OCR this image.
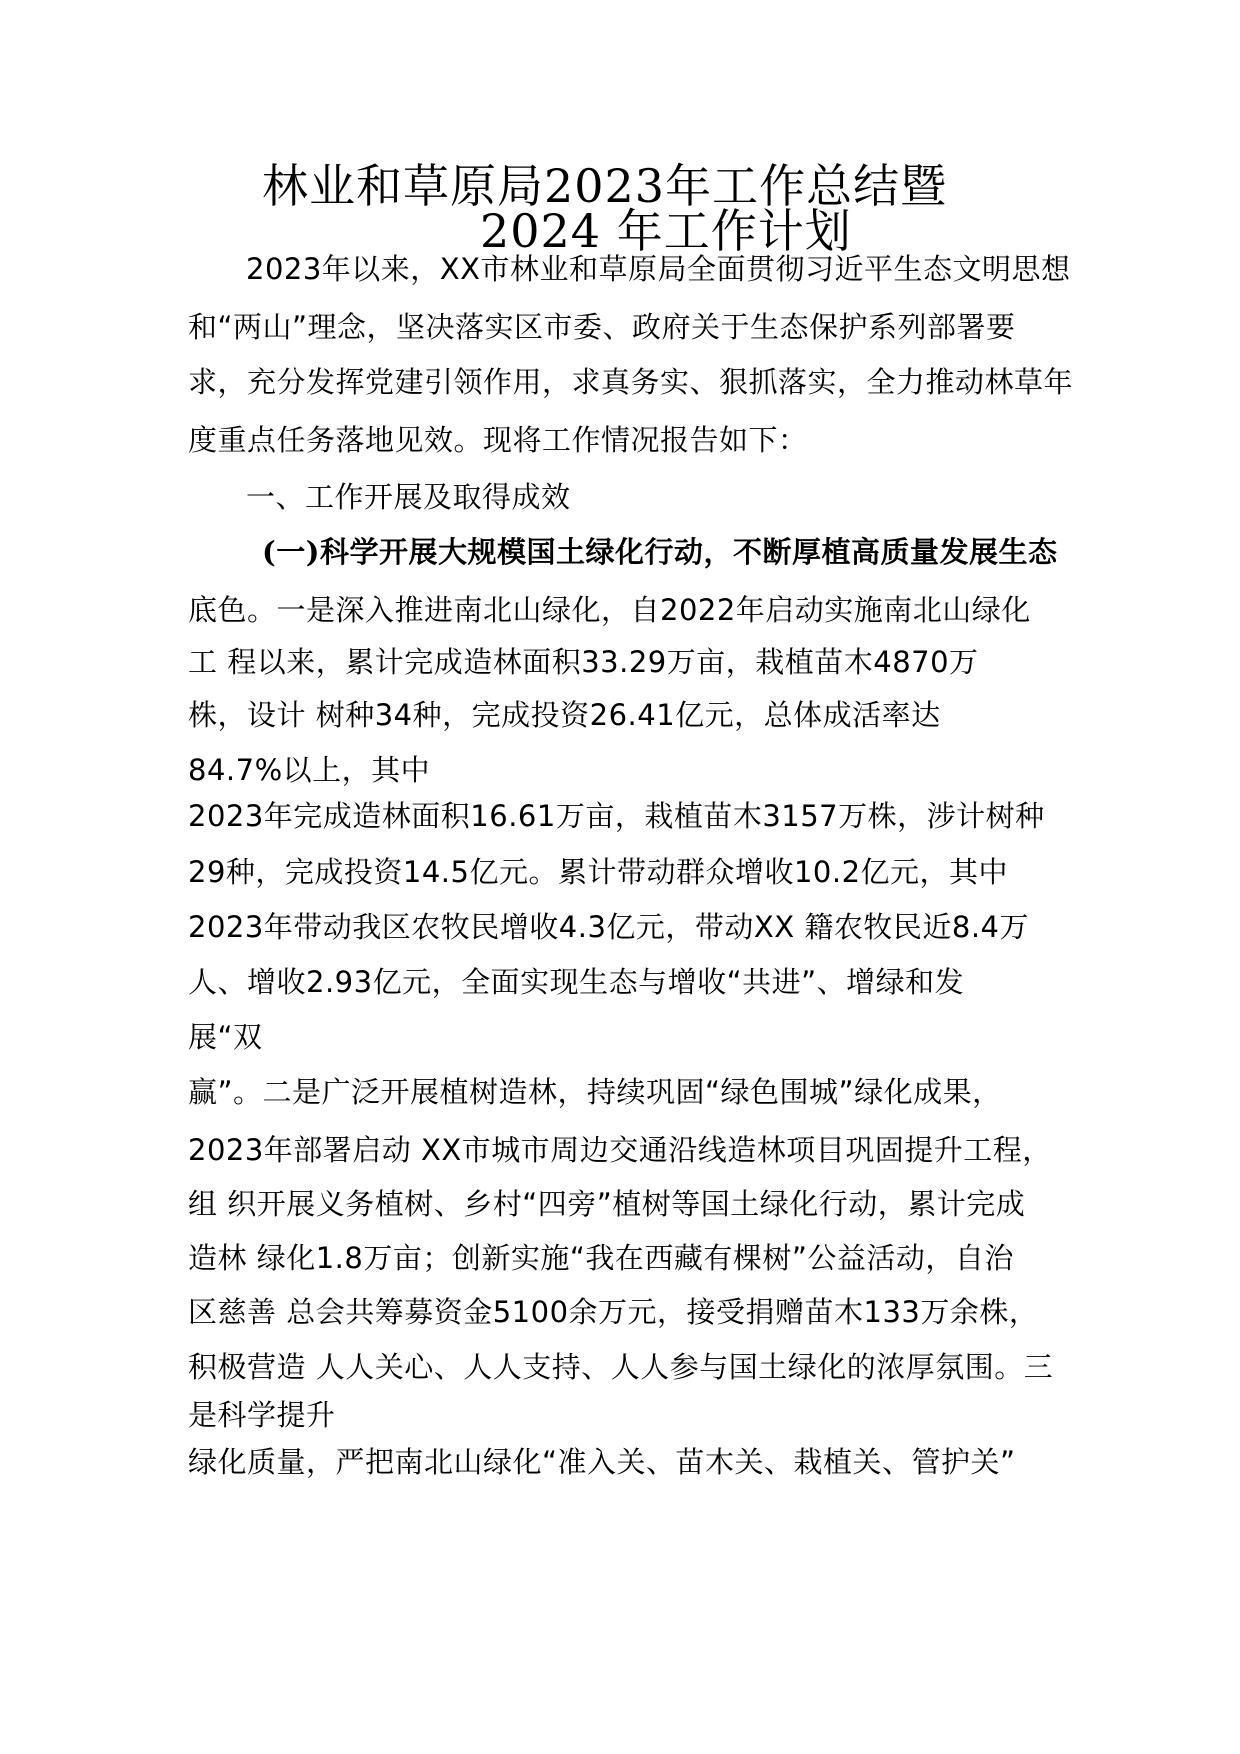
林业和草原局2023年工作总结暨
2024 年工作计划
2023年以来，XX市林业和草原局全面贯彻习近平生态文明思想
和“两山”理念，坚决落实区市委、政府关于生态保护系列部署要
求，充分发挥党建引领作用，求真务实、狠抓落实，全力推动林草年
度重点任务落地见效。现将工作情况报告如下：
一、工作开展及取得成效
(一)科学开展大规模国土绿化行动，不断厚植高质量发展生态
底色。一是深入推进南北山绿化，自2022年启动实施南北山绿化
工 程以来，累计完成造林面积33.29万亩，栽植苗木4870万
株，设计 树种34种，完成投资26.41亿元，总体成活率达
84.7%以上，其中
2023年完成造林面积16.61万亩，栽植苗木3157万株，涉计树种
29种，完成投资14.5亿元。累计带动群众增收10.2亿元，其中
2023年带动我区农牧民增收4.3亿元，带动XX 籍农牧民近8.4万
人、增收2.93亿元，全面实现生态与增收“共进”、增绿和发
展“双
赢”。二是广泛开展植树造林，持续巩固“绿色围城”绿化成果，
2023年部署启动 XX市城市周边交通沿线造林项目巩固提升工程，
组 织开展义务植树、乡村“四旁”植树等国土绿化行动，累计完成
造林 绿化1.8万亩；创新实施“我在西藏有棵树”公益活动，自治
区慈善 总会共筹募资金5100余万元，接受捐赠苗木133万余株，
积极营造 人人关心、人人支持、人人参与国土绿化的浓厚氛围。三
是科学提升
绿化质量，严把南北山绿化“准入关、苗木关、栽植关、管护关”
